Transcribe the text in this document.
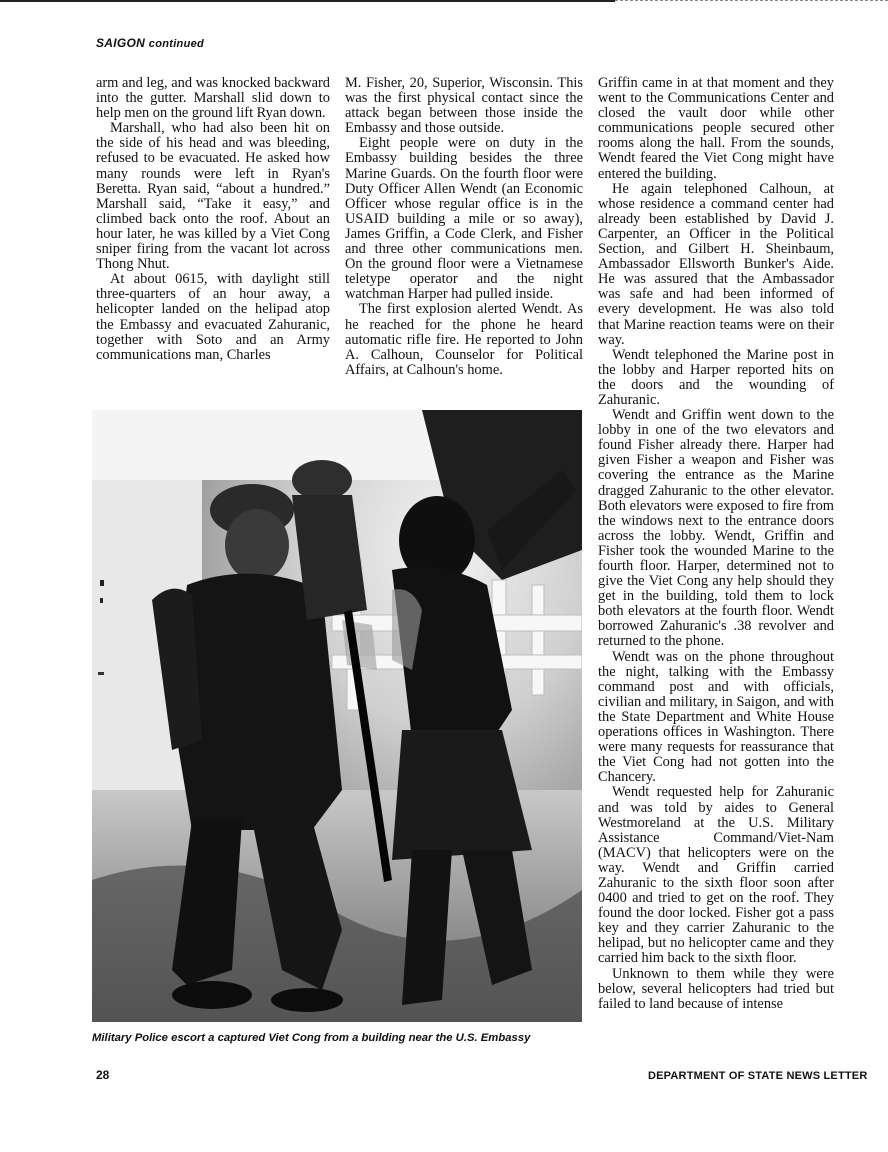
SAIGON continued

arm and leg, and was knocked backward into the gutter. Marshall slid down to help men on the ground lift Ryan down.

Marshall, who had also been hit on the side of his head and was bleeding, refused to be evacuated. He asked how many rounds were left in Ryan's Beretta. Ryan said, “about a hundred.” Marshall said, “Take it easy,” and climbed back onto the roof. About an hour later, he was killed by a Viet Cong sniper firing from the vacant lot across Thong Nhut.

At about 0615, with daylight still three-quarters of an hour away, a helicopter landed on the helipad atop the Embassy and evacuated Zahuranic, together with Soto and an Army communications man, Charles

M. Fisher, 20, Superior, Wisconsin. This was the first physical contact since the attack began between those inside the Embassy and those outside.

Eight people were on duty in the Embassy building besides the three Marine Guards. On the fourth floor were Duty Officer Allen Wendt (an Economic Officer whose regular office is in the USAID building a mile or so away), James Griffin, a Code Clerk, and Fisher and three other communications men. On the ground floor were a Vietnamese teletype operator and the night watchman Harper had pulled inside.

The first explosion alerted Wendt. As he reached for the phone he heard automatic rifle fire. He reported to John A. Calhoun, Counselor for Political Affairs, at Calhoun's home.

Griffin came in at that moment and they went to the Communications Center and closed the vault door while other communications people secured other rooms along the hall. From the sounds, Wendt feared the Viet Cong might have entered the building.

He again telephoned Calhoun, at whose residence a command center had already been established by David J. Carpenter, an Officer in the Political Section, and Gilbert H. Sheinbaum, Ambassador Ellsworth Bunker's Aide. He was assured that the Ambassador was safe and had been informed of every development. He was also told that Marine reaction teams were on their way.

Wendt telephoned the Marine post in the lobby and Harper reported hits on the doors and the wounding of Zahuranic.

Wendt and Griffin went down to the lobby in one of the two elevators and found Fisher already there. Harper had given Fisher a weapon and Fisher was covering the entrance as the Marine dragged Zahuranic to the other elevator. Both elevators were exposed to fire from the windows next to the entrance doors across the lobby. Wendt, Griffin and Fisher took the wounded Marine to the fourth floor. Harper, determined not to give the Viet Cong any help should they get in the building, told them to lock both elevators at the fourth floor. Wendt borrowed Zahuranic's .38 revolver and returned to the phone.

Wendt was on the phone throughout the night, talking with the Embassy command post and with officials, civilian and military, in Saigon, and with the State Department and White House operations offices in Washington. There were many requests for reassurance that the Viet Cong had not gotten into the Chancery.

Wendt requested help for Zahuranic and was told by aides to General Westmoreland at the U.S. Military Assistance Command/Viet-Nam (MACV) that helicopters were on the way. Wendt and Griffin carried Zahuranic to the sixth floor soon after 0400 and tried to get on the roof. They found the door locked. Fisher got a pass key and they carrier Zahuranic to the helipad, but no helicopter came and they carried him back to the sixth floor.

Unknown to them while they were below, several helicopters had tried but failed to land because of intense

Military Police escort a captured Viet Cong from a building near the U.S. Embassy
28	DEPARTMENT OF STATE NEWS LETTER
